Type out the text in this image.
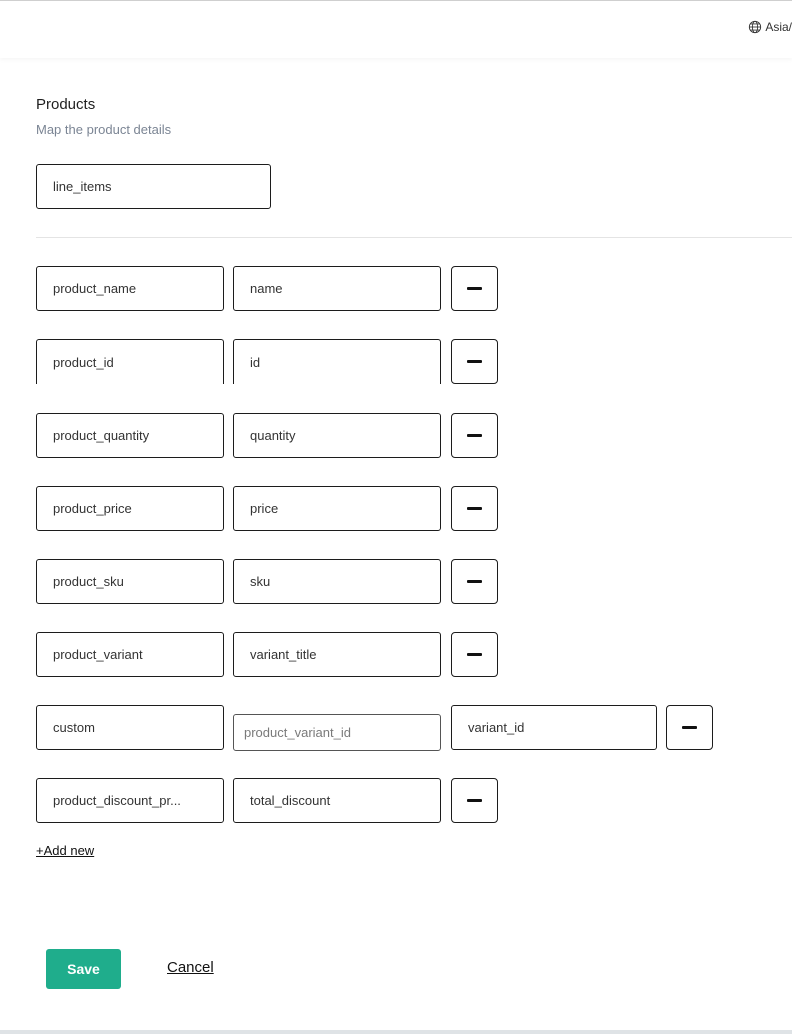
Asia/
Products
Map the product details
line_items
product_name	name
product_id	id
product_quantity	quantity
product_price	price
product_sku	sku
product_variant	variant_title
custom	product_variant_id	variant_id
product_discount_pr...	total_discount
+Add new
Save	Cancel
